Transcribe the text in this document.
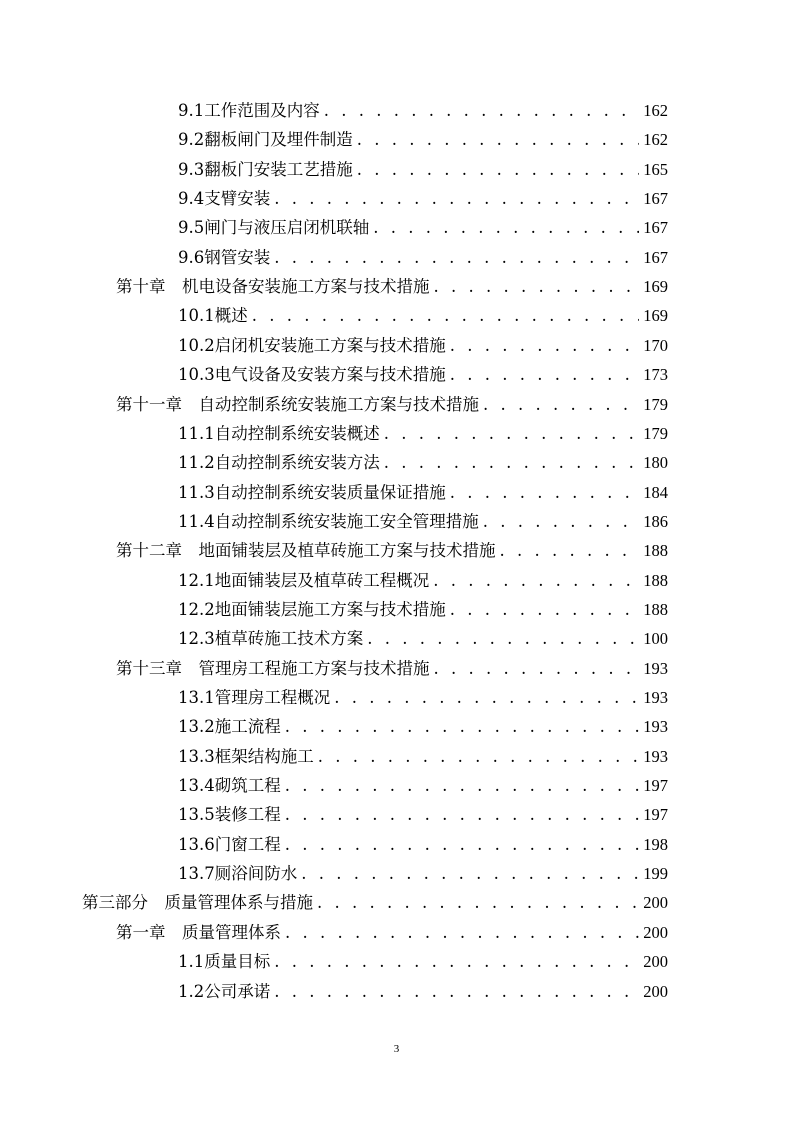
9.1 工作范围及内容 . . .	162
9.2 翻板闸门及埋件制造 . . .	162
9.3 翻板门安装工艺措施 . . .	165
9.4 支臂安装 . . .	167
9.5 闸门与液压启闭机联轴 . . .	167
9.6 钢管安装 . . .	167
第十章　 机电设备安装施工方案与技术措施 . . .	169
10.1 概述 . . .	169
10.2 启闭机安装施工方案与技术措施 . . .	170
10.3 电气设备及安装方案与技术措施 . . .	173
第十一章　 自动控制系统安装施工方案与技术措施 . . .	179
11.1 自动控制系统安装概述 . . .	179
11.2 自动控制系统安装方法 . . .	180
11.3 自动控制系统安装质量保证措施 . . .	184
11.4 自动控制系统安装施工安全管理措施 . . .	186
第十二章　 地面铺装层及植草砖施工方案与技术措施 . . .	188
12.1 地面铺装层及植草砖工程概况 . . .	188
12.2 地面铺装层施工方案与技术措施 . . .	188
12.3 植草砖施工技术方案 . . .	100
第十三章　 管理房工程施工方案与技术措施 . . .	193
13.1 管理房工程概况 . . .	193
13.2 施工流程 . . .	193
13.3 框架结构施工 . . .	193
13.4 砌筑工程 . . .	197
13.5 装修工程 . . .	197
13.6 门窗工程 . . .	198
13.7 厕浴间防水 . . .	199
第三部分　 质量管理体系与措施 . . .	200
第一章　 质量管理体系 . . .	200
1.1 质量目标 . . .	200
1.2 公司承诺 . . .	200
3
